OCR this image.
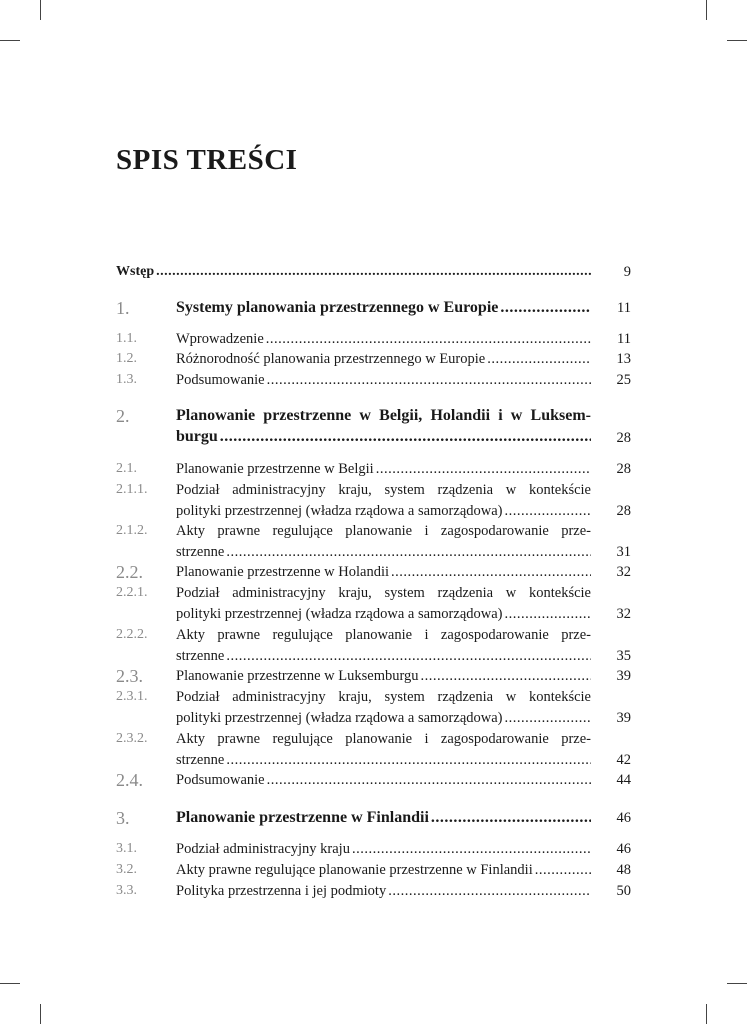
SPIS TREŚCI
Wstęp .....	9
1.	Systemy planowania przestrzennego w Europie .....	11
1.1.	Wprowadzenie .....	11
1.2.	Różnorodność planowania przestrzennego w Europie .....	13
1.3.	Podsumowanie .....	25
2.	Planowanie przestrzenne w Belgii, Holandii i w Luksem-
burgu .....	28
2.1.	Planowanie przestrzenne w Belgii .....	28
2.1.1. Podział administracyjny kraju, system rządzenia w kontekście
polityki przestrzennej (władza rządowa a samorządowa) .....	28
2.1.2. Akty prawne regulujące planowanie i zagospodarowanie prze-
strzenne .....	31
2.2. Planowanie przestrzenne w Holandii .....	32
2.2.1. Podział administracyjny kraju, system rządzenia w kontekście
polityki przestrzennej (władza rządowa a samorządowa) .....	32
2.2.2. Akty prawne regulujące planowanie i zagospodarowanie prze-
strzenne .....	35
2.3. Planowanie przestrzenne w Luksemburgu .....	39
2.3.1. Podział administracyjny kraju, system rządzenia w kontekście
polityki przestrzennej (władza rządowa a samorządowa) .....	39
2.3.2. Akty prawne regulujące planowanie i zagospodarowanie prze-
strzenne .....	42
2.4. Podsumowanie .....	44
3.	Planowanie przestrzenne w Finlandii .....	46
3.1.	Podział administracyjny kraju .....	46
3.2.	Akty prawne regulujące planowanie przestrzenne w Finlandii .....	48
3.3.	Polityka przestrzenna i jej podmioty .....	50
